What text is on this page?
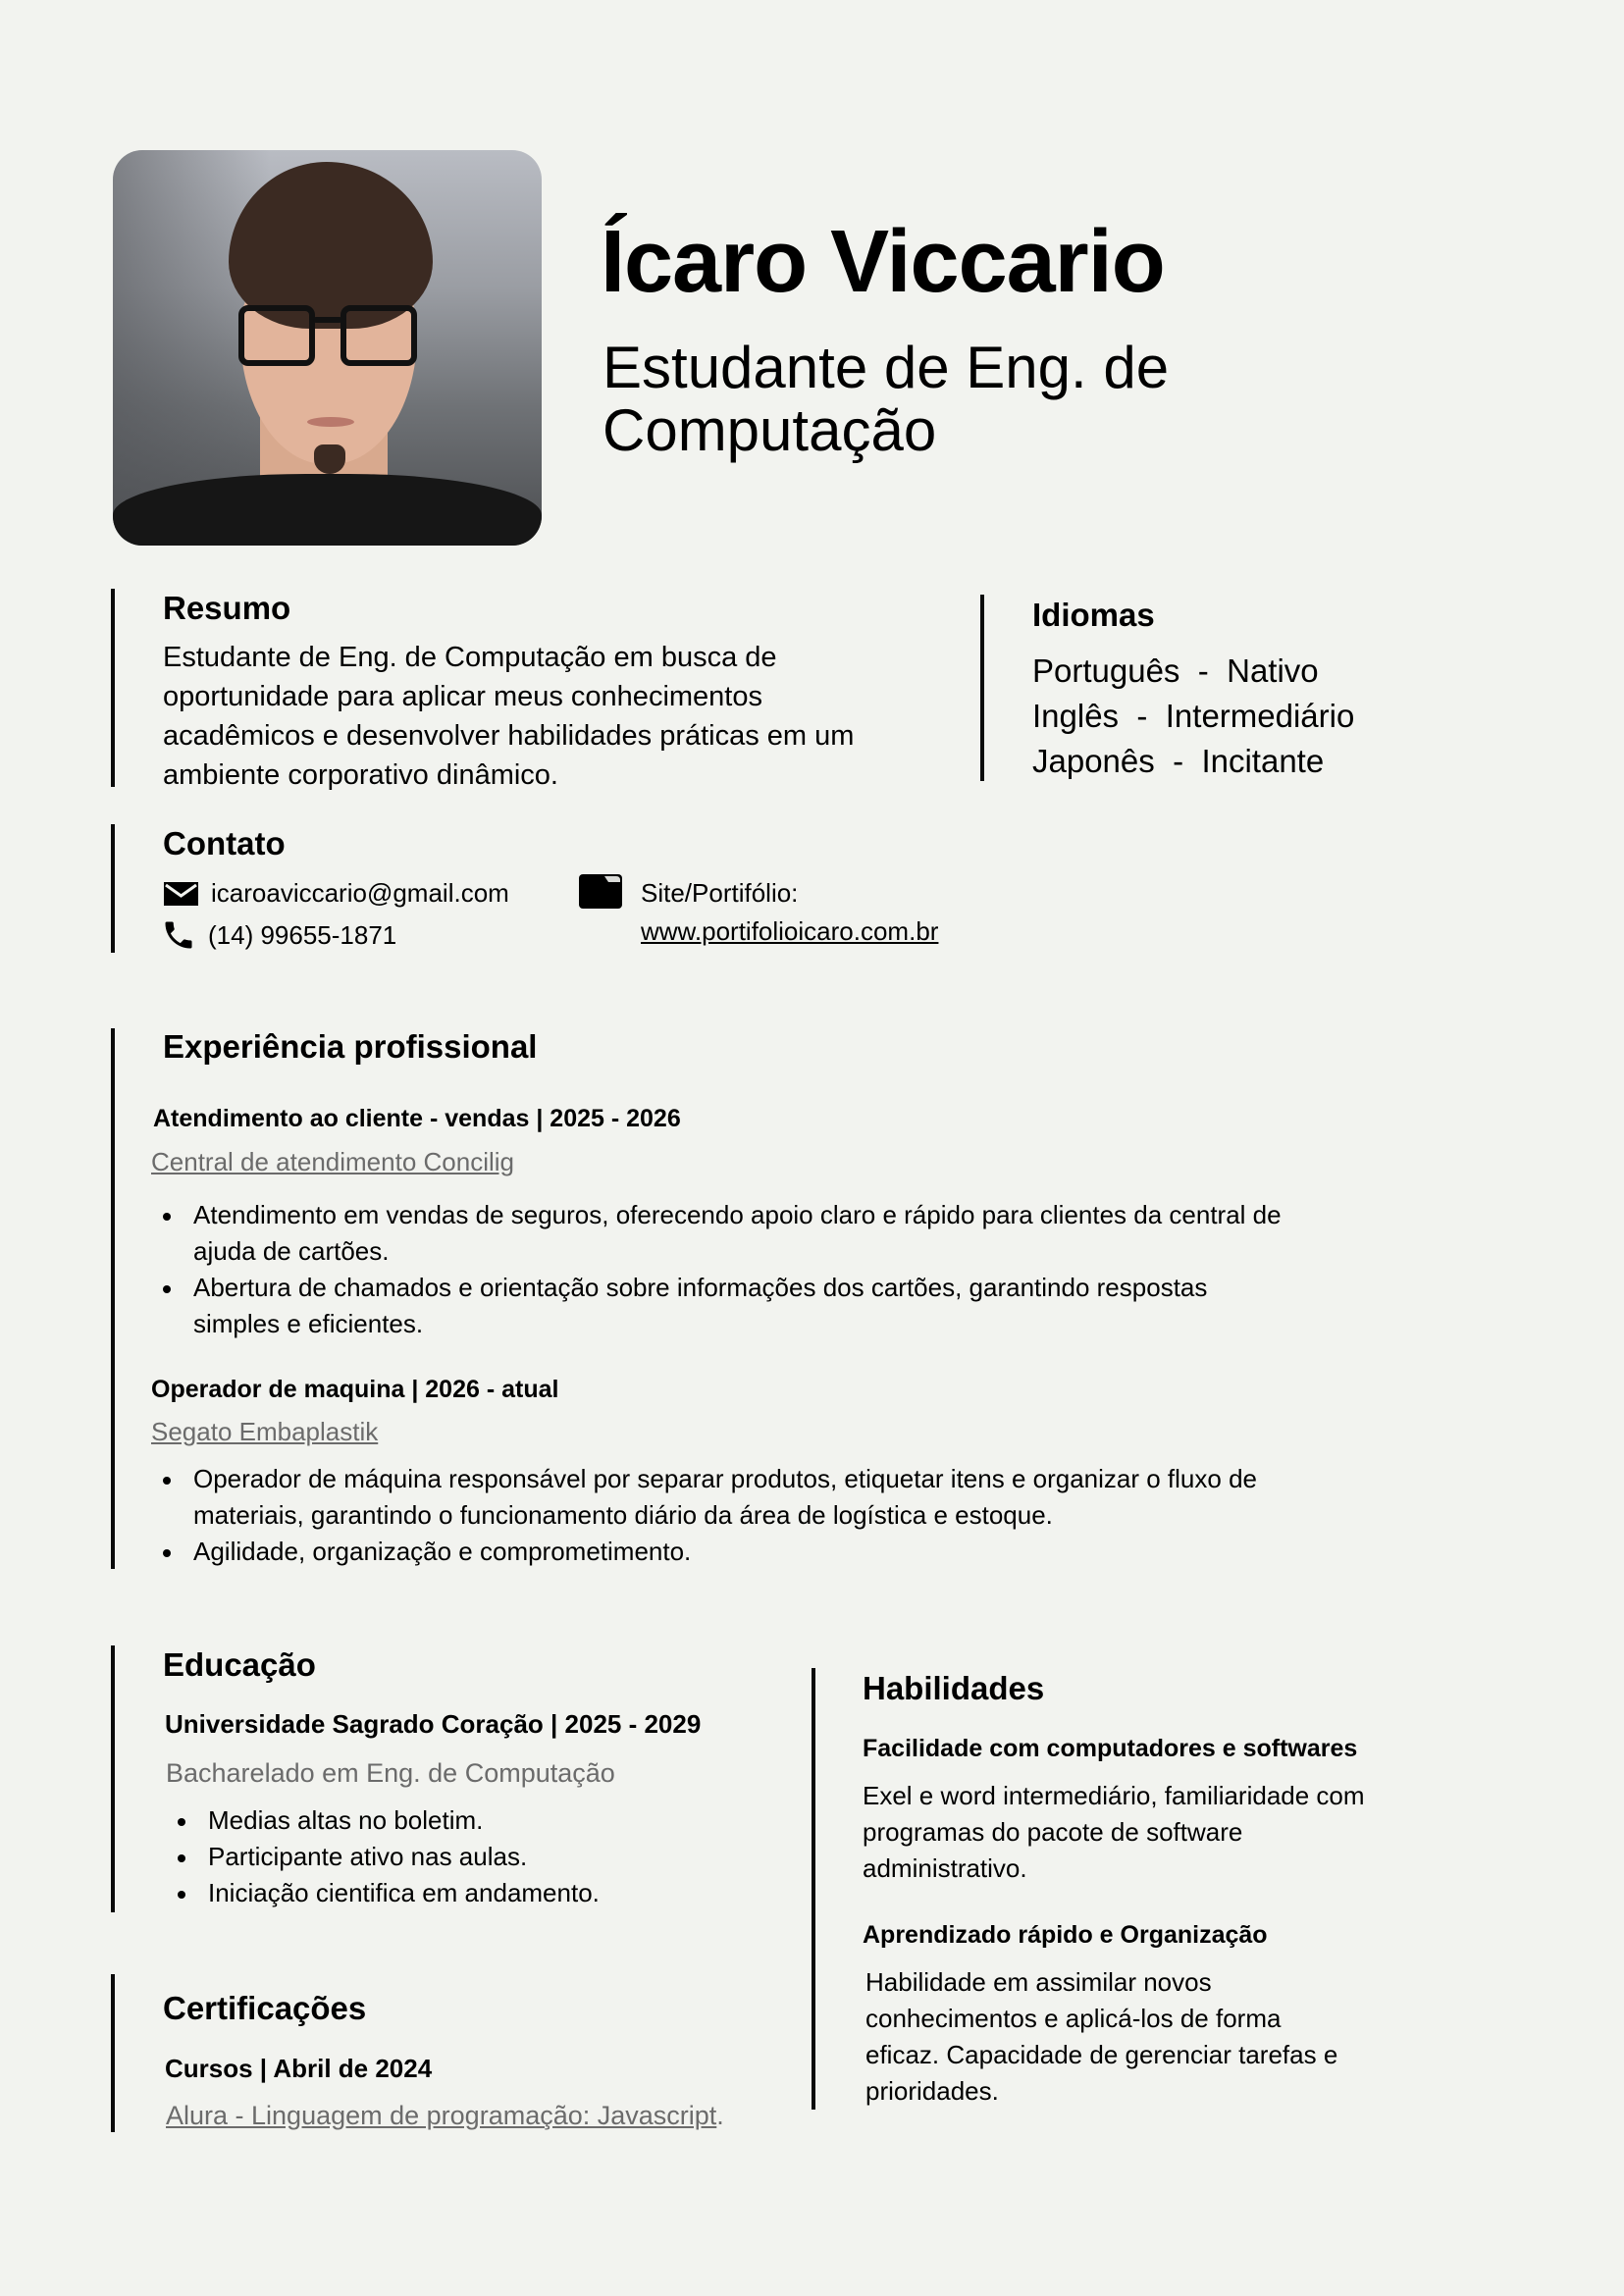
Ícaro Viccario
Estudante de Eng. de
Computação
Resumo
Estudante de Eng. de Computação em busca de
oportunidade para aplicar meus conhecimentos
acadêmicos e desenvolver habilidades práticas em um
ambiente corporativo dinâmico.
Idiomas
Português - Nativo
Inglês - Intermediário
Japonês - Incitante
Contato
icaroaviccario@gmail.com
(14) 99655-1871
Site/Portifólio:
www.portifolioicaro.com.br
Experiência profissional
Atendimento ao cliente - vendas | 2025 - 2026
Central de atendimento Concilig
Atendimento em vendas de seguros, oferecendo apoio claro e rápido para clientes da central de
ajuda de cartões.
Abertura de chamados e orientação sobre informações dos cartões, garantindo respostas
simples e eficientes.
Operador de maquina | 2026 - atual
Segato Embaplastik
Operador de máquina responsável por separar produtos, etiquetar itens e organizar o fluxo de
materiais, garantindo o funcionamento diário da área de logística e estoque.
Agilidade, organização e comprometimento.
Educação
Universidade Sagrado Coração | 2025 - 2029
Bacharelado em Eng. de Computação
Medias altas no boletim.
Participante ativo nas aulas.
Iniciação cientifica em andamento.
Certificações
Cursos | Abril de 2024
Alura - Linguagem de programação: Javascript.
Habilidades
Facilidade com computadores e softwares
Exel e word intermediário, familiaridade com
programas do pacote de software
administrativo.
Aprendizado rápido e Organização
Habilidade em assimilar novos
conhecimentos e aplicá-los de forma
eficaz. Capacidade de gerenciar tarefas e
prioridades.
